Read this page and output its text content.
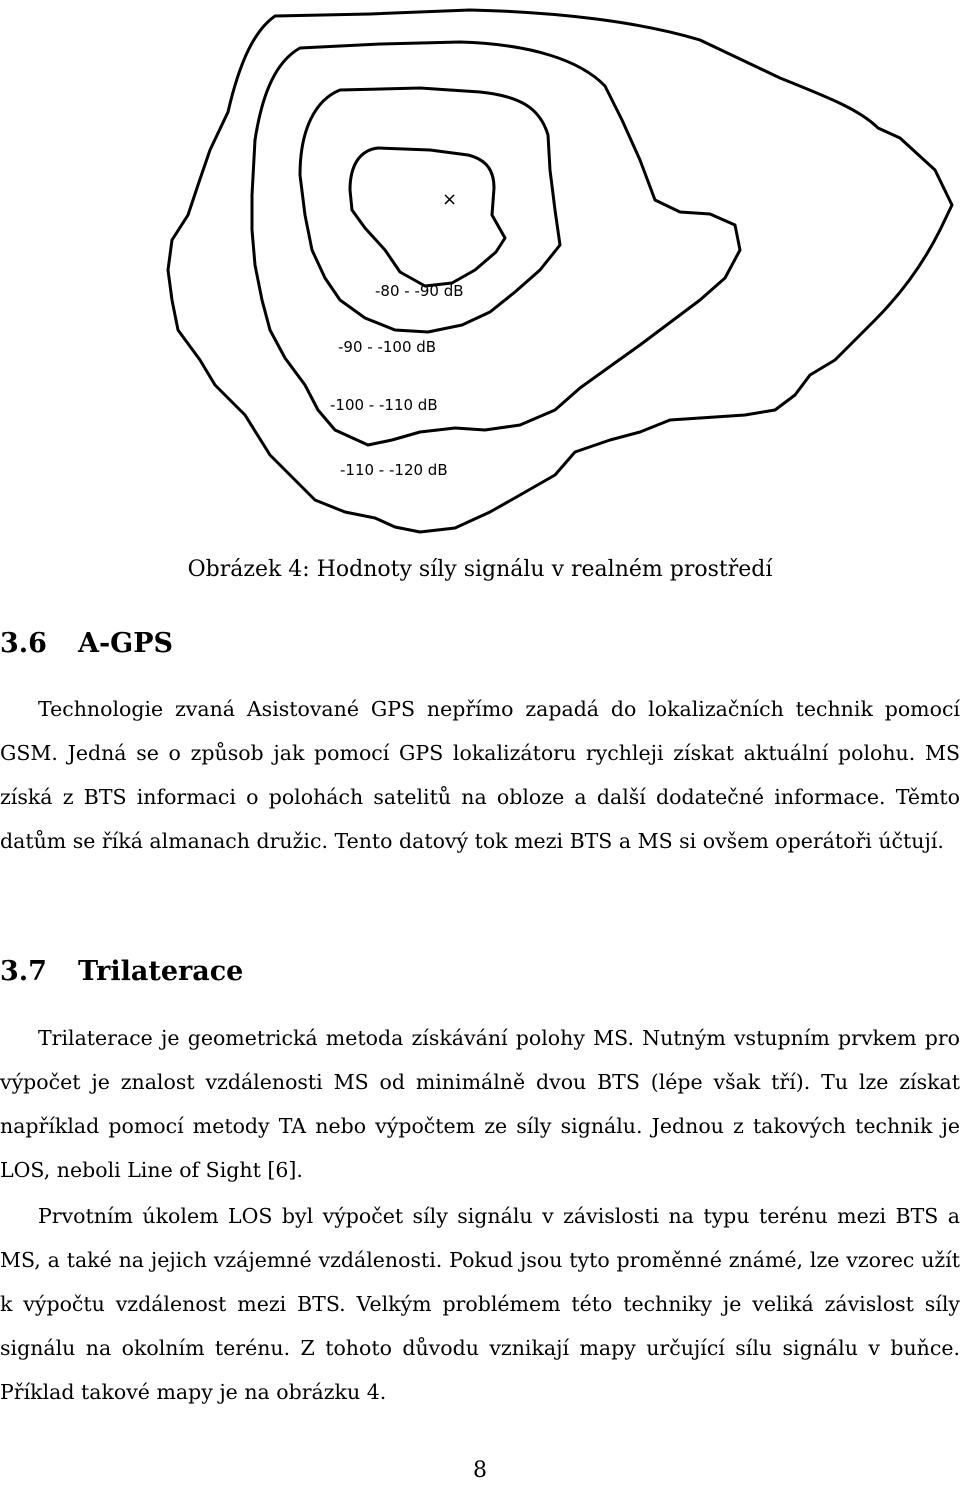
×
-80 - -90 dB
-90 - -100 dB
-100 - -110 dB
-110 - -120 dB
Obrázek 4: Hodnoty síly signálu v realném prostředí
3.6 A-GPS

Technologie zvaná Asistované GPS nepřímo zapadá do lokalizačních technik pomocí GSM. Jedná se o způsob jak pomocí GPS lokalizátoru rychleji získat aktuální polohu. MS získá z BTS informaci o polohách satelitů na obloze a další dodatečné informace. Těmto datům se říká almanach družic. Tento datový tok mezi BTS a MS si ovšem operátoři účtují.

3.7 Trilaterace

Trilaterace je geometrická metoda získávání polohy MS. Nutným vstupním prvkem pro výpočet je znalost vzdálenosti MS od minimálně dvou BTS (lépe však tří). Tu lze získat například pomocí metody TA nebo výpočtem ze síly signálu. Jednou z takových technik je LOS, neboli Line of Sight [6].

Prvotním úkolem LOS byl výpočet síly signálu v závislosti na typu terénu mezi BTS a MS, a také na jejich vzájemné vzdálenosti. Pokud jsou tyto proměnné známé, lze vzorec užít k výpočtu vzdálenost mezi BTS. Velkým problémem této techniky je veliká závislost síly signálu na okolním terénu. Z tohoto důvodu vznikají mapy určující sílu signálu v buňce. Příklad takové mapy je na obrázku 4.

8
